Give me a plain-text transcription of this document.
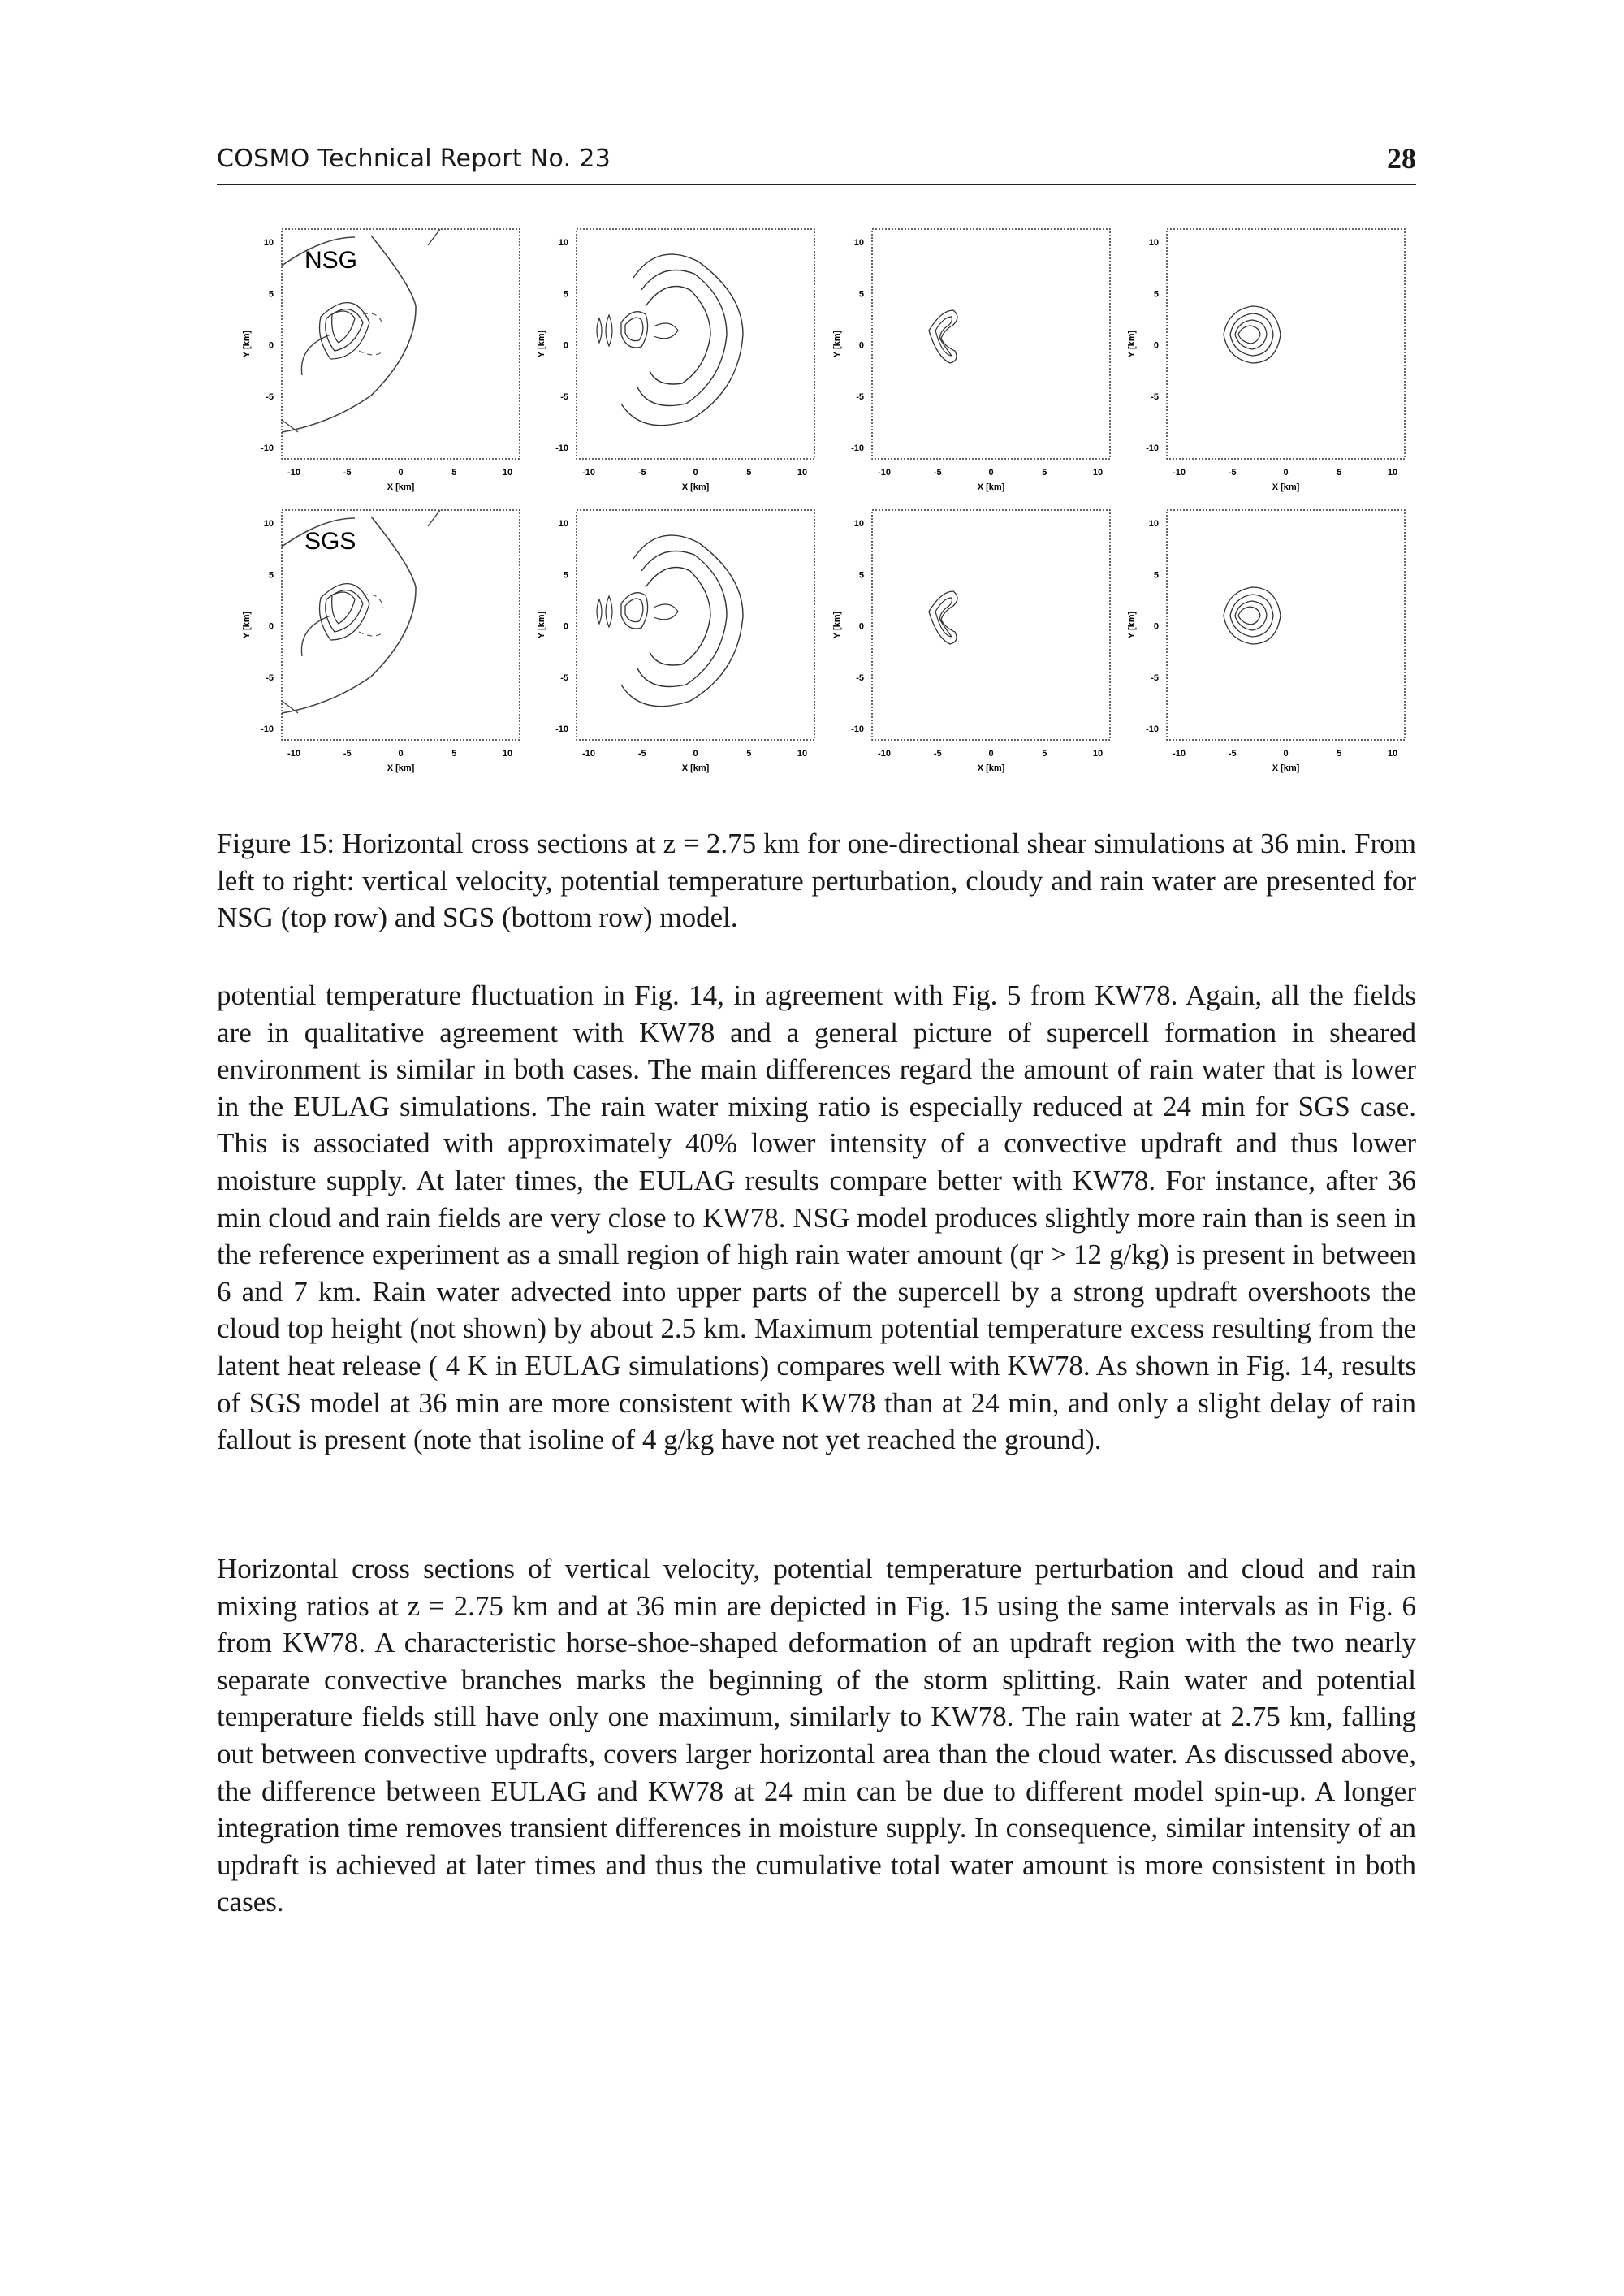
COSMO Technical Report No. 23	28
10
5
0
-5
-10
Y [km]
-10	-5	0	5	10
X [km]
NSG
10
5
0
-5
-10
Y [km]
-10	-5	0	5	10
X [km]
10
5
0
-5
-10
Y [km]
-10	-5	0	5	10
X [km]
10
5
0
-5
-10
Y [km]
-10	-5	0	5	10
X [km]
10
5
0
-5
-10
Y [km]
-10	-5	0	5	10
X [km]
SGS
10
5
0
-5
-10
Y [km]
-10	-5	0	5	10
X [km]
10
5
0
-5
-10
Y [km]
-10	-5	0	5	10
X [km]
10
5
0
-5
-10
Y [km]
-10	-5	0	5	10
X [km]

Figure 15: Horizontal cross sections at z = 2.75 km for one-directional shear simulations at 36 min. From left to right: vertical velocity, potential temperature perturbation, cloudy and rain water are presented for NSG (top row) and SGS (bottom row) model.

potential temperature fluctuation in Fig. 14, in agreement with Fig. 5 from KW78. Again, all the fields are in qualitative agreement with KW78 and a general picture of supercell formation in sheared environment is similar in both cases. The main differences regard the amount of rain water that is lower in the EULAG simulations. The rain water mixing ratio is especially reduced at 24 min for SGS case. This is associated with approximately 40% lower intensity of a convective updraft and thus lower moisture supply. At later times, the EULAG results compare better with KW78. For instance, after 36 min cloud and rain fields are very close to KW78. NSG model produces slightly more rain than is seen in the reference experiment as a small region of high rain water amount (qr > 12 g/kg) is present in between 6 and 7 km. Rain water advected into upper parts of the supercell by a strong updraft overshoots the cloud top height (not shown) by about 2.5 km. Maximum potential temperature excess resulting from the latent heat release ( 4 K in EULAG simulations) compares well with KW78. As shown in Fig. 14, results of SGS model at 36 min are more consistent with KW78 than at 24 min, and only a slight delay of rain fallout is present (note that isoline of 4 g/kg have not yet reached the ground).

Horizontal cross sections of vertical velocity, potential temperature perturbation and cloud and rain mixing ratios at z = 2.75 km and at 36 min are depicted in Fig. 15 using the same intervals as in Fig. 6 from KW78. A characteristic horse-shoe-shaped deformation of an updraft region with the two nearly separate convective branches marks the beginning of the storm splitting. Rain water and potential temperature fields still have only one maximum, similarly to KW78. The rain water at 2.75 km, falling out between convective updrafts, covers larger horizontal area than the cloud water. As discussed above, the difference between EULAG and KW78 at 24 min can be due to different model spin-up. A longer integration time removes transient differences in moisture supply. In consequence, similar intensity of an updraft is achieved at later times and thus the cumulative total water amount is more consistent in both cases.
